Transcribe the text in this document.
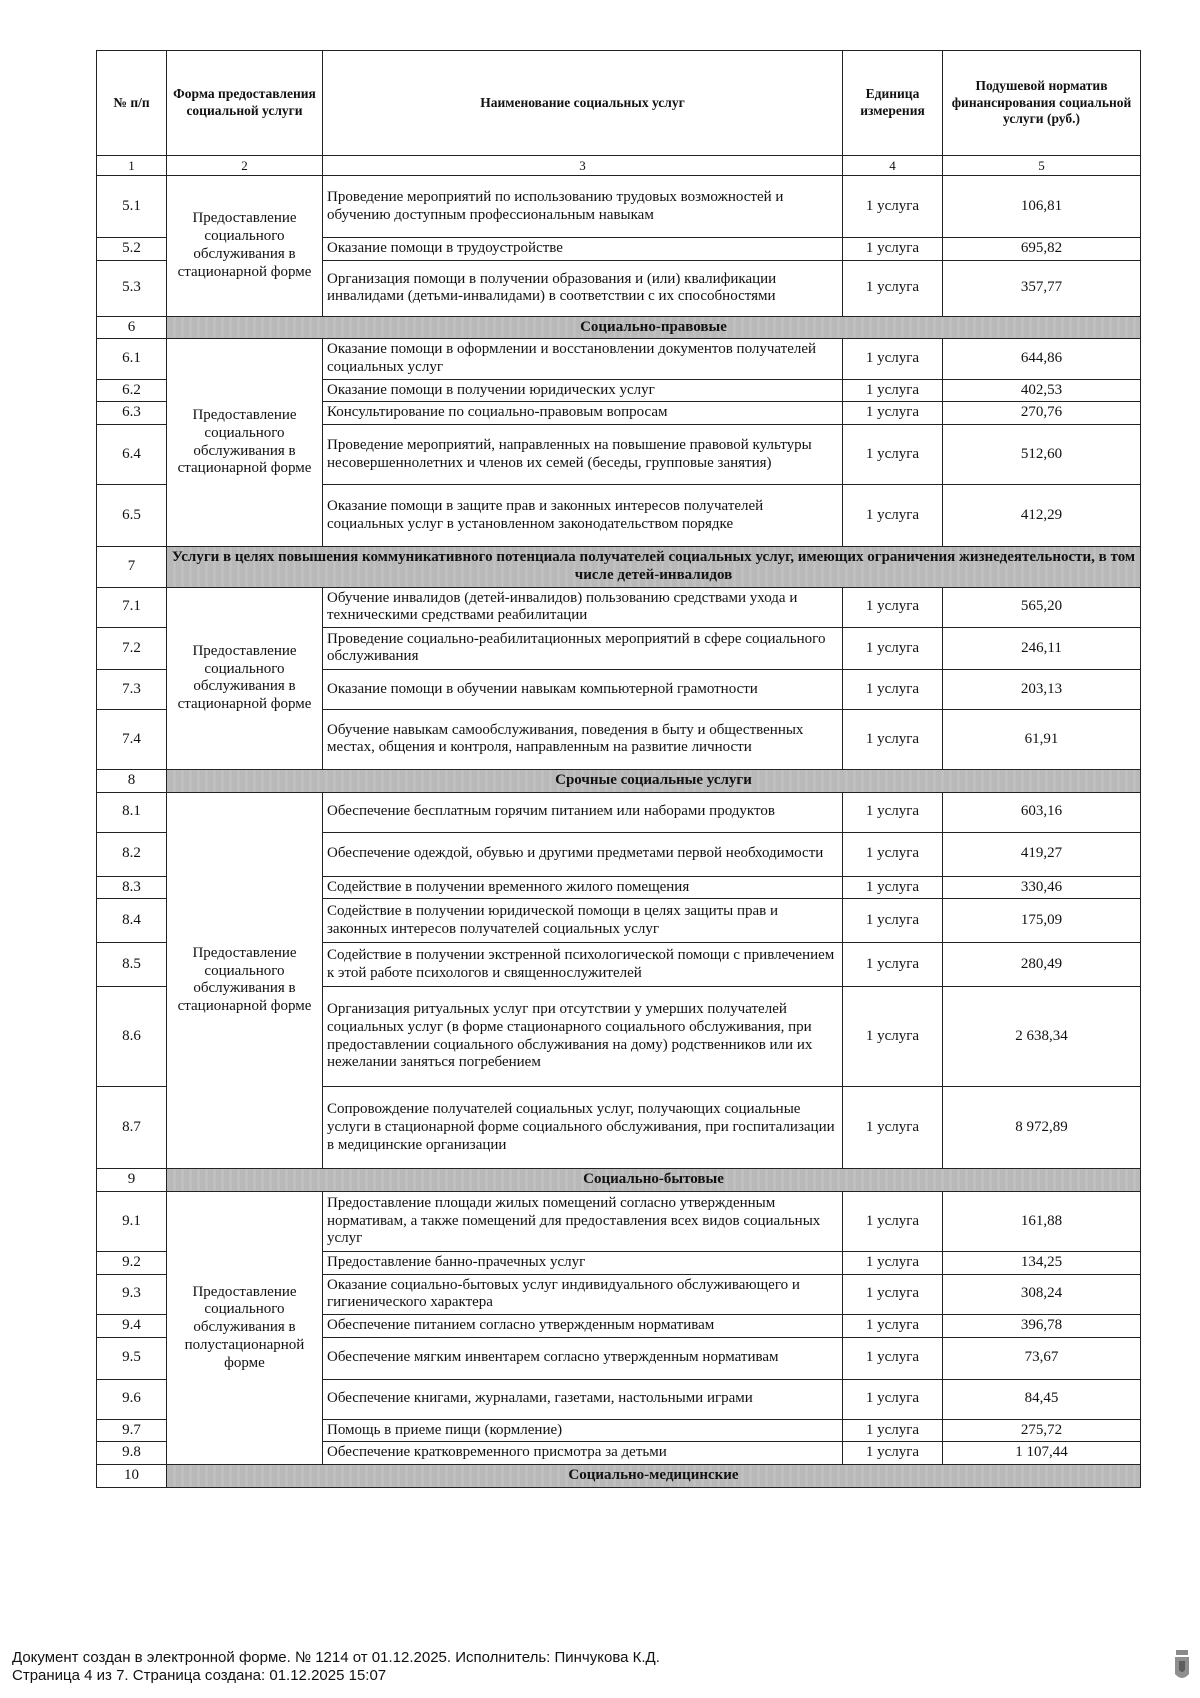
№ п/п	Форма предоставления социальной услуги	Наименование социальных услуг	Единица измерения	Подушевой норматив финансирования социальной услуги (руб.)
1	2	3	4	5
5.1	Предоставление социального обслуживания в стационарной форме	Проведение мероприятий по использованию трудовых возможностей и обучению доступным профессиональным навыкам	1 услуга	106,81
5.2		Оказание помощи в трудоустройстве	1 услуга	695,82
5.3		Организация помощи в получении образования и (или) квалификации инвалидами (детьми-инвалидами) в соответствии с их способностями	1 услуга	357,77
6	Социально-правовые			
6.1	Предоставление социального обслуживания в стационарной форме	Оказание помощи в оформлении и восстановлении документов получателей социальных услуг	1 услуга	644,86
6.2		Оказание помощи в получении юридических услуг	1 услуга	402,53
6.3		Консультирование по социально-правовым вопросам	1 услуга	270,76
6.4		Проведение мероприятий, направленных на повышение правовой культуры несовершеннолетних и членов их семей (беседы, групповые занятия)	1 услуга	512,60
6.5		Оказание помощи в защите прав и законных интересов получателей социальных услуг в установленном законодательством порядке	1 услуга	412,29
7	Услуги в целях повышения коммуникативного потенциала получателей социальных услуг, имеющих ограничения жизнедеятельности, в том числе детей-инвалидов			
7.1	Предоставление социального обслуживания в стационарной форме	Обучение инвалидов (детей-инвалидов) пользованию средствами ухода и техническими средствами реабилитации	1 услуга	565,20
7.2		Проведение социально-реабилитационных мероприятий в сфере социального обслуживания	1 услуга	246,11
7.3		Оказание помощи в обучении навыкам компьютерной грамотности	1 услуга	203,13
7.4		Обучение навыкам самообслуживания, поведения в быту и общественных местах, общения и контроля, направленным на развитие личности	1 услуга	61,91
8	Срочные социальные услуги			
8.1	Предоставление социального обслуживания в стационарной форме	Обеспечение бесплатным горячим питанием или наборами продуктов	1 услуга	603,16
8.2		Обеспечение одеждой, обувью и другими предметами первой необходимости	1 услуга	419,27
8.3		Содействие в получении временного жилого помещения	1 услуга	330,46
8.4		Содействие в получении юридической помощи в целях защиты прав и законных интересов получателей социальных услуг	1 услуга	175,09
8.5		Содействие в получении экстренной психологической помощи с привлечением к этой работе психологов и священнослужителей	1 услуга	280,49
8.6		Организация ритуальных услуг при отсутствии у умерших получателей социальных услуг (в форме стационарного социального обслуживания, при предоставлении социального обслуживания на дому) родственников или их нежелании заняться погребением	1 услуга	2 638,34
8.7		Сопровождение получателей социальных услуг, получающих социальные услуги в стационарной форме социального обслуживания, при госпитализации в медицинские организации	1 услуга	8 972,89
9	Социально-бытовые			
9.1	Предоставление социального обслуживания в полустационарной форме	Предоставление площади жилых помещений согласно утвержденным нормативам, а также помещений для предоставления всех видов социальных услуг	1 услуга	161,88
9.2		Предоставление банно-прачечных услуг	1 услуга	134,25
9.3		Оказание социально-бытовых услуг индивидуального обслуживающего и гигиенического характера	1 услуга	308,24
9.4		Обеспечение питанием согласно утвержденным нормативам	1 услуга	396,78
9.5		Обеспечение мягким инвентарем согласно утвержденным нормативам	1 услуга	73,67
9.6		Обеспечение книгами, журналами, газетами, настольными играми	1 услуга	84,45
9.7		Помощь в приеме пищи (кормление)	1 услуга	275,72
9.8		Обеспечение кратковременного присмотра за детьми	1 услуга	1 107,44
10	Социально-медицинские			
Документ создан в электронной форме. № 1214 от 01.12.2025. Исполнитель: Пинчукова К.Д.
Страница 4 из 7. Страница создана: 01.12.2025 15:07
